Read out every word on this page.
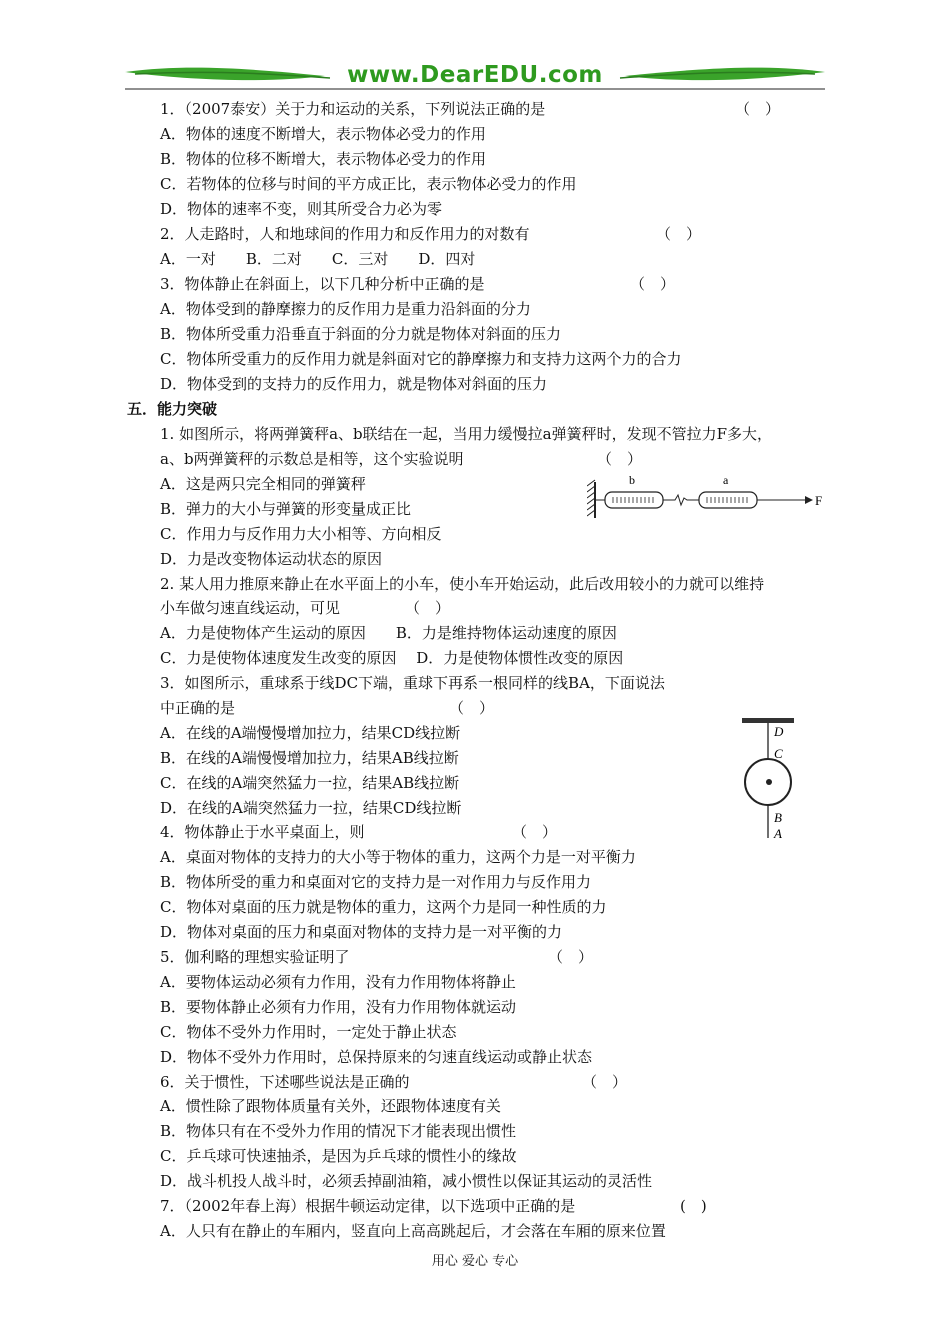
www.DearEDU.com
1．（2007泰安）关于力和运动的关系，下列说法正确的是
A．物体的速度不断增大，表示物体必受力的作用
B．物体的位移不断增大，表示物体必受力的作用
C．若物体的位移与时间的平方成正比，表示物体必受力的作用
D．物体的速率不变，则其所受合力必为零
2．人走路时，人和地球间的作用力和反作用力的对数有
A．一对　　B．二对　　C．三对　　D．四对
3．物体静止在斜面上，以下几种分析中正确的是
A．物体受到的静摩擦力的反作用力是重力沿斜面的分力
B．物体所受重力沿垂直于斜面的分力就是物体对斜面的压力
C．物体所受重力的反作用力就是斜面对它的静摩擦力和支持力这两个力的合力
D．物体受到的支持力的反作用力，就是物体对斜面的压力
五．能力突破
1. 如图所示，将两弹簧秤a、b联结在一起，当用力缓慢拉a弹簧秤时，发现不管拉力F多大，
a、b两弹簧秤的示数总是相等，这个实验说明
A．这是两只完全相同的弹簧秤
B．弹力的大小与弹簧的形变量成正比
C．作用力与反作用力大小相等、方向相反
D．力是改变物体运动状态的原因
2. 某人用力推原来静止在水平面上的小车，使小车开始运动，此后改用较小的力就可以维持
小车做匀速直线运动，可见
A．力是使物体产生运动的原因　　B．力是维持物体运动速度的原因
C．力是使物体速度发生改变的原因　 D．力是使物体惯性改变的原因
3．如图所示，重球系于线DC下端，重球下再系一根同样的线BA，下面说法
中正确的是
A．在线的A端慢慢增加拉力，结果CD线拉断
B．在线的A端慢慢增加拉力，结果AB线拉断
C．在线的A端突然猛力一拉，结果AB线拉断
D．在线的A端突然猛力一拉，结果CD线拉断
4．物体静止于水平桌面上，则
A．桌面对物体的支持力的大小等于物体的重力，这两个力是一对平衡力
B．物体所受的重力和桌面对它的支持力是一对作用力与反作用力
C．物体对桌面的压力就是物体的重力，这两个力是同一种性质的力
D．物体对桌面的压力和桌面对物体的支持力是一对平衡的力
5．伽利略的理想实验证明了
A．要物体运动必须有力作用，没有力作用物体将静止
B．要物体静止必须有力作用，没有力作用物体就运动
C．物体不受外力作用时，一定处于静止状态
D．物体不受外力作用时，总保持原来的匀速直线运动或静止状态
6．关于惯性，下述哪些说法是正确的
A．惯性除了跟物体质量有关外，还跟物体速度有关
B．物体只有在不受外力作用的情况下才能表现出惯性
C．乒乓球可快速抽杀，是因为乒乓球的惯性小的缘故
D．战斗机投人战斗时，必须丢掉副油箱，减小惯性以保证其运动的灵活性
7．（2002年春上海）根据牛顿运动定律，以下选项中正确的是
A．人只有在静止的车厢内，竖直向上高高跳起后，才会落在车厢的原来位置
（　）
（　）
（　）
（　）
（　）
（　）
（　）
（　）
（　）
(　)
b	a
F
D
C
B
A
用心 爱心 专心
